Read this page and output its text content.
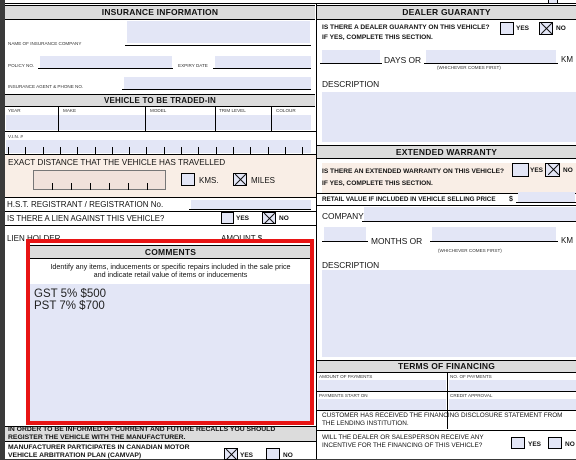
INSURANCE INFORMATION
NAME OF INSURANCE COMPANY
POLICY NO.	EXPIRY DATE
INSURANCE AGENT & PHONE NO.
VEHICLE TO BE TRADED-IN
YEAR	MAKE	MODEL	TRIM LEVEL	COLOUR
V.I.N. #
EXACT DISTANCE THAT THE VEHICLE HAS TRAVELLED
KMS.	MILES
H.S.T. REGISTRANT / REGISTRATION No.
IS THERE A LIEN AGAINST THIS VEHICLE?	YES	NO
LIEN HOLDER	AMOUNT $
COMMENTS
Identify any items, inducements or specific repairs included in the sale price
and indicate retail value of items or inducements
GST 5% $500
PST 7% $700
IN ORDER TO BE INFORMED OF CURRENT AND FUTURE RECALLS YOU SHOULD
REGISTER THE VEHICLE WITH THE MANUFACTURER.
MANUFACTURER PARTICIPATES IN CANADIAN MOTOR
VEHICLE ARBITRATION PLAN (CAMVAP)	YES	NO
DEALER GUARANTY
IS THERE A DEALER GUARANTY ON THIS VEHICLE?
IF YES, COMPLETE THIS SECTION.
YES	NO
DAYS OR	KM
(WHICHEVER COMES FIRST)
DESCRIPTION
EXTENDED WARRANTY
IS THERE AN EXTENDED WARRANTY ON THIS VEHICLE?
IF YES, COMPLETE THIS SECTION.
YES	NO
RETAIL VALUE IF INCLUDED IN VEHICLE SELLING PRICE $
COMPANY
MONTHS OR	KM
(WHICHEVER COMES FIRST)
DESCRIPTION
TERMS OF FINANCING
AMOUNT OF PAYMENTS	NO. OF PAYMENTS
PAYMENTS START ON	CREDIT APPROVAL
CUSTOMER HAS RECEIVED THE FINANCING DISCLOSURE STATEMENT FROM
THE LENDING INSTITUTION.
WILL THE DEALER OR SALESPERSON RECEIVE ANY
INCENTIVE FOR THE FINANCING OF THIS VEHICLE?	YES	NO
